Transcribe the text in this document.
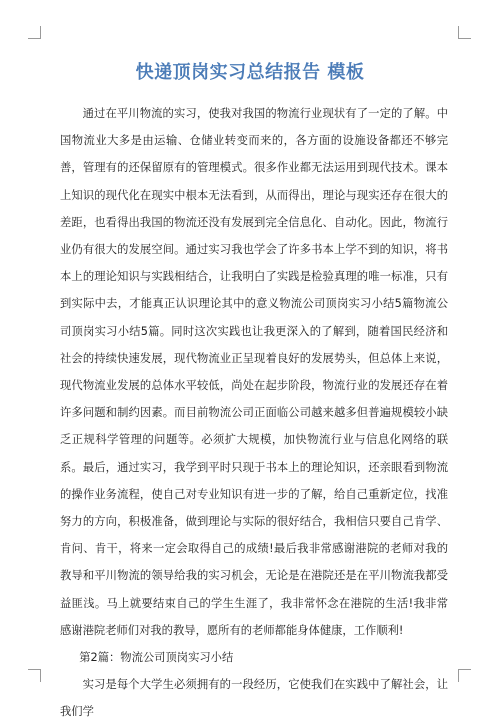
快递顶岗实习总结报告 模板

通过在平川物流的实习，使我对我国的物流行业现状有了一定的了解。中国物流业大多是由运输、仓储业转变而来的，各方面的设施设备都还不够完善，管理有的还保留原有的管理模式。很多作业都无法运用到现代技术。课本上知识的现代化在现实中根本无法看到，从而得出，理论与现实还存在很大的差距，也看得出我国的物流还没有发展到完全信息化、自动化。因此，物流行业仍有很大的发展空间。通过实习我也学会了许多书本上学不到的知识，将书本上的理论知识与实践相结合，让我明白了实践是检验真理的唯一标准，只有到实际中去，才能真正认识理论其中的意义物流公司顶岗实习小结5篇物流公司顶岗实习小结5篇。同时这次实践也让我更深入的了解到，随着国民经济和社会的持续快速发展，现代物流业正呈现着良好的发展势头，但总体上来说，现代物流业发展的总体水平较低，尚处在起步阶段，物流行业的发展还存在着许多问题和制约因素。而目前物流公司正面临公司越来越多但普遍规模较小缺乏正规科学管理的问题等。必须扩大规模，加快物流行业与信息化网络的联系。最后，通过实习，我学到平时只现于书本上的理论知识，还亲眼看到物流的操作业务流程，使自己对专业知识有进一步的了解，给自己重新定位，找准努力的方向，积极准备，做到理论与实际的很好结合，我相信只要自己肯学、肯问、肯干，将来一定会取得自己的成绩!最后我非常感谢港院的老师对我的教导和平川物流的领导给我的实习机会，无论是在港院还是在平川物流我都受益匪浅。马上就要结束自己的学生生涯了，我非常怀念在港院的生活!我非常感谢港院老师们对我的教导，愿所有的老师都能身体健康，工作顺利!

第2篇：物流公司顶岗实习小结

实习是每个大学生必须拥有的一段经历，它使我们在实践中了解社会，让我们学
